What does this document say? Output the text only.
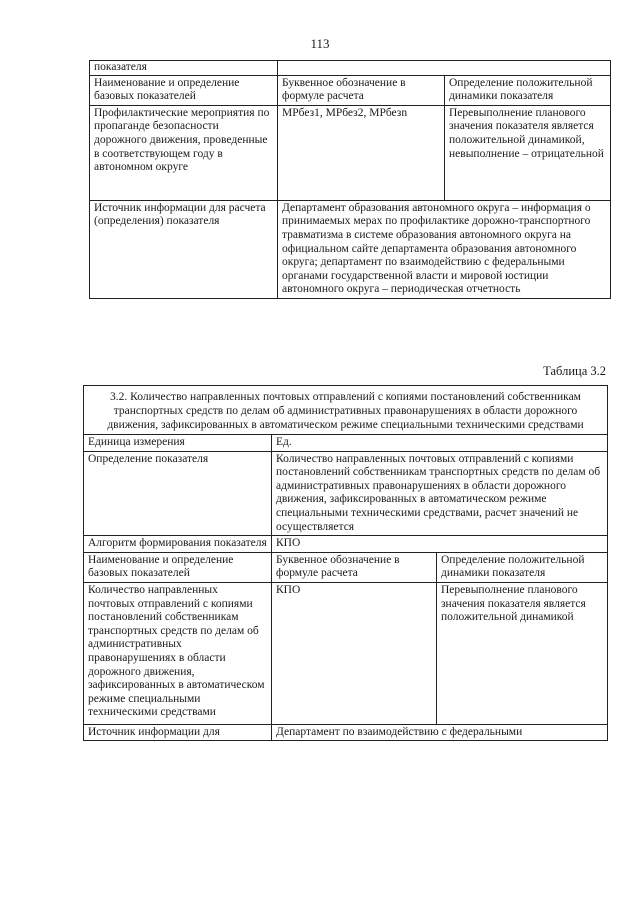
113
показателя		
Наименование и определение базовых показателей	Буквенное обозначение в формуле расчета	Определение положительной динамики показателя
Профилактические мероприятия по пропаганде безопасности дорожного движения, проведенные в соответствующем году в автономном округе	МРбез1, МРбез2, МРбезn	Перевыполнение планового значения показателя является положительной динамикой, невыполнение – отрицательной
Источник информации для расчета (определения) показателя	Департамент образования автономного округа – информация о принимаемых мерах по профилактике дорожно-транспортного травматизма в системе образования автономного округа на официальном сайте департамента образования автономного округа; департамент по взаимодействию с федеральными органами государственной власти и мировой юстиции автономного округа – периодическая отчетность	
Таблица 3.2
3.2. Количество направленных почтовых отправлений с копиями постановлений собственникам транспортных средств по делам об административных правонарушениях в области дорожного движения, зафиксированных в автоматическом режиме специальными техническими средствами		
Единица измерения	Ед.	
Определение показателя	Количество направленных почтовых отправлений с копиями постановлений собственникам транспортных средств по делам об административных правонарушениях в области дорожного движения, зафиксированных в автоматическом режиме специальными техническими средствами, расчет значений не осуществляется	
Алгоритм формирования показателя	КПО	
Наименование и определение базовых показателей	Буквенное обозначение в формуле расчета	Определение положительной динамики показателя
Количество направленных почтовых отправлений с копиями постановлений собственникам транспортных средств по делам об административных правонарушениях в области дорожного движения, зафиксированных в автоматическом режиме специальными техническими средствами	КПО	Перевыполнение планового значения показателя является положительной динамикой
Источник информации для	Департамент по взаимодействию с федеральными	
